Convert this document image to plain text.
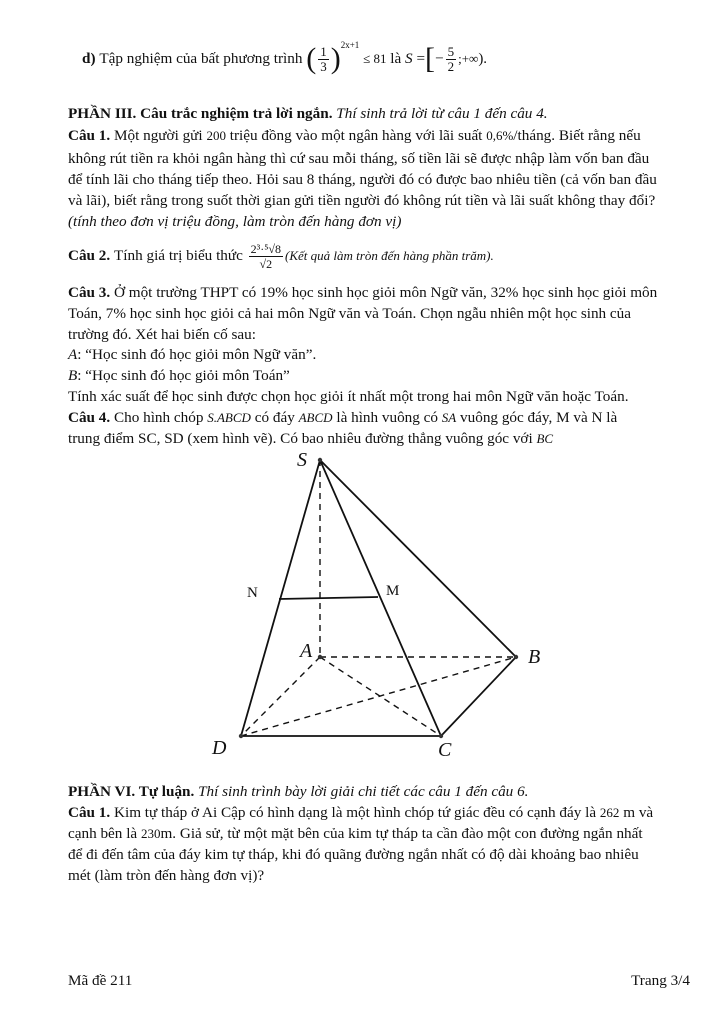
d)
Tập nghiệm của bất phương trình
( $\frac{1}{3}$ ) 2x+1

≤ 81
là
S
= [ − $\frac{5}{2}$ ;+∞ ).
PHẦN III. Câu trắc nghiệm trả lời ngắn. Thí sinh trả lời từ câu 1 đến câu 4.
Câu 1. Một người gửi 200 triệu đồng vào một ngân hàng với lãi suất 0,6%/tháng. Biết rằng nếu
không rút tiền ra khỏi ngân hàng thì cứ sau mỗi tháng, số tiền lãi sẽ được nhập làm vốn ban đầu
để tính lãi cho tháng tiếp theo. Hỏi sau 8 tháng, người đó có được bao nhiêu tiền (cả vốn ban đầu
và lãi), biết rằng trong suốt thời gian gửi tiền người đó không rút tiền và lãi suất không thay đổi?
(tính theo đơn vị triệu đồng, làm tròn đến hàng đơn vị)
Câu 2.
Tính giá trị biểu thức
$\frac{\text{2³·⁵√8}}{√2}$ (Kết quả làm tròn đến hàng phần trăm).
Câu 3. Ở một trường THPT có 19% học sinh học giỏi môn Ngữ văn, 32% học sinh học giỏi môn
Toán, 7% học sinh học giỏi cả hai môn Ngữ văn và Toán. Chọn ngẫu nhiên một học sinh của
trường đó. Xét hai biến cố sau:
A: “Học sinh đó học giỏi môn Ngữ văn”.
B: “Học sinh đó học giỏi môn Toán”
Tính xác suất để học sinh được chọn học giỏi ít nhất một trong hai môn Ngữ văn hoặc Toán.
Câu 4. Cho hình chóp S.ABCD có đáy ABCD là hình vuông có SA vuông góc đáy, M và N là
trung điểm SC, SD (xem hình vẽ). Có bao nhiêu đường thẳng vuông góc với BC
S
A	B
D	C
N	M
PHẦN VI. Tự luận. Thí sinh trình bày lời giải chi tiết các câu 1 đến câu 6.
Câu 1. Kim tự tháp ở Ai Cập có hình dạng là một hình chóp tứ giác đều có cạnh đáy là 262 m và
cạnh bên là 230m. Giả sử, từ một mặt bên của kim tự tháp ta cần đào một con đường ngắn nhất
để đi đến tâm của đáy kim tự tháp, khi đó quãng đường ngắn nhất có độ dài khoảng bao nhiêu
mét (làm tròn đến hàng đơn vị)?
Mã đề 211	Trang 3/4
